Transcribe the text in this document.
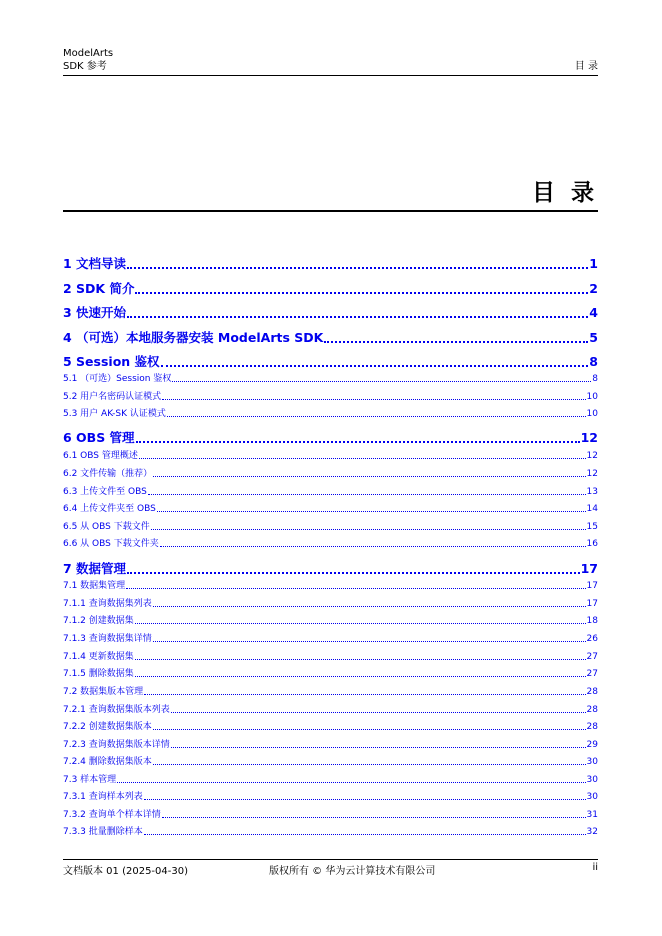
ModelArts
SDK 参考	目 录
目 录
1 文档导读	1
2 SDK 简介	2
3 快速开始	4
4 （可选）本地服务器安装 ModelArts SDK	5
5 Session 鉴权	8
5.1 （可选）Session 鉴权	8
5.2 用户名密码认证模式	10
5.3 用户 AK-SK 认证模式	10
6 OBS 管理	12
6.1 OBS 管理概述	12
6.2 文件传输（推荐）	12
6.3 上传文件至 OBS	13
6.4 上传文件夹至 OBS	14
6.5 从 OBS 下载文件	15
6.6 从 OBS 下载文件夹	16
7 数据管理	17
7.1 数据集管理	17
7.1.1 查询数据集列表	17
7.1.2 创建数据集	18
7.1.3 查询数据集详情	26
7.1.4 更新数据集	27
7.1.5 删除数据集	27
7.2 数据集版本管理	28
7.2.1 查询数据集版本列表	28
7.2.2 创建数据集版本	28
7.2.3 查询数据集版本详情	29
7.2.4 删除数据集版本	30
7.3 样本管理	30
7.3.1 查询样本列表	30
7.3.2 查询单个样本详情	31
7.3.3 批量删除样本	32
文档版本 01 (2025-04-30)	版权所有 © 华为云计算技术有限公司	ii
